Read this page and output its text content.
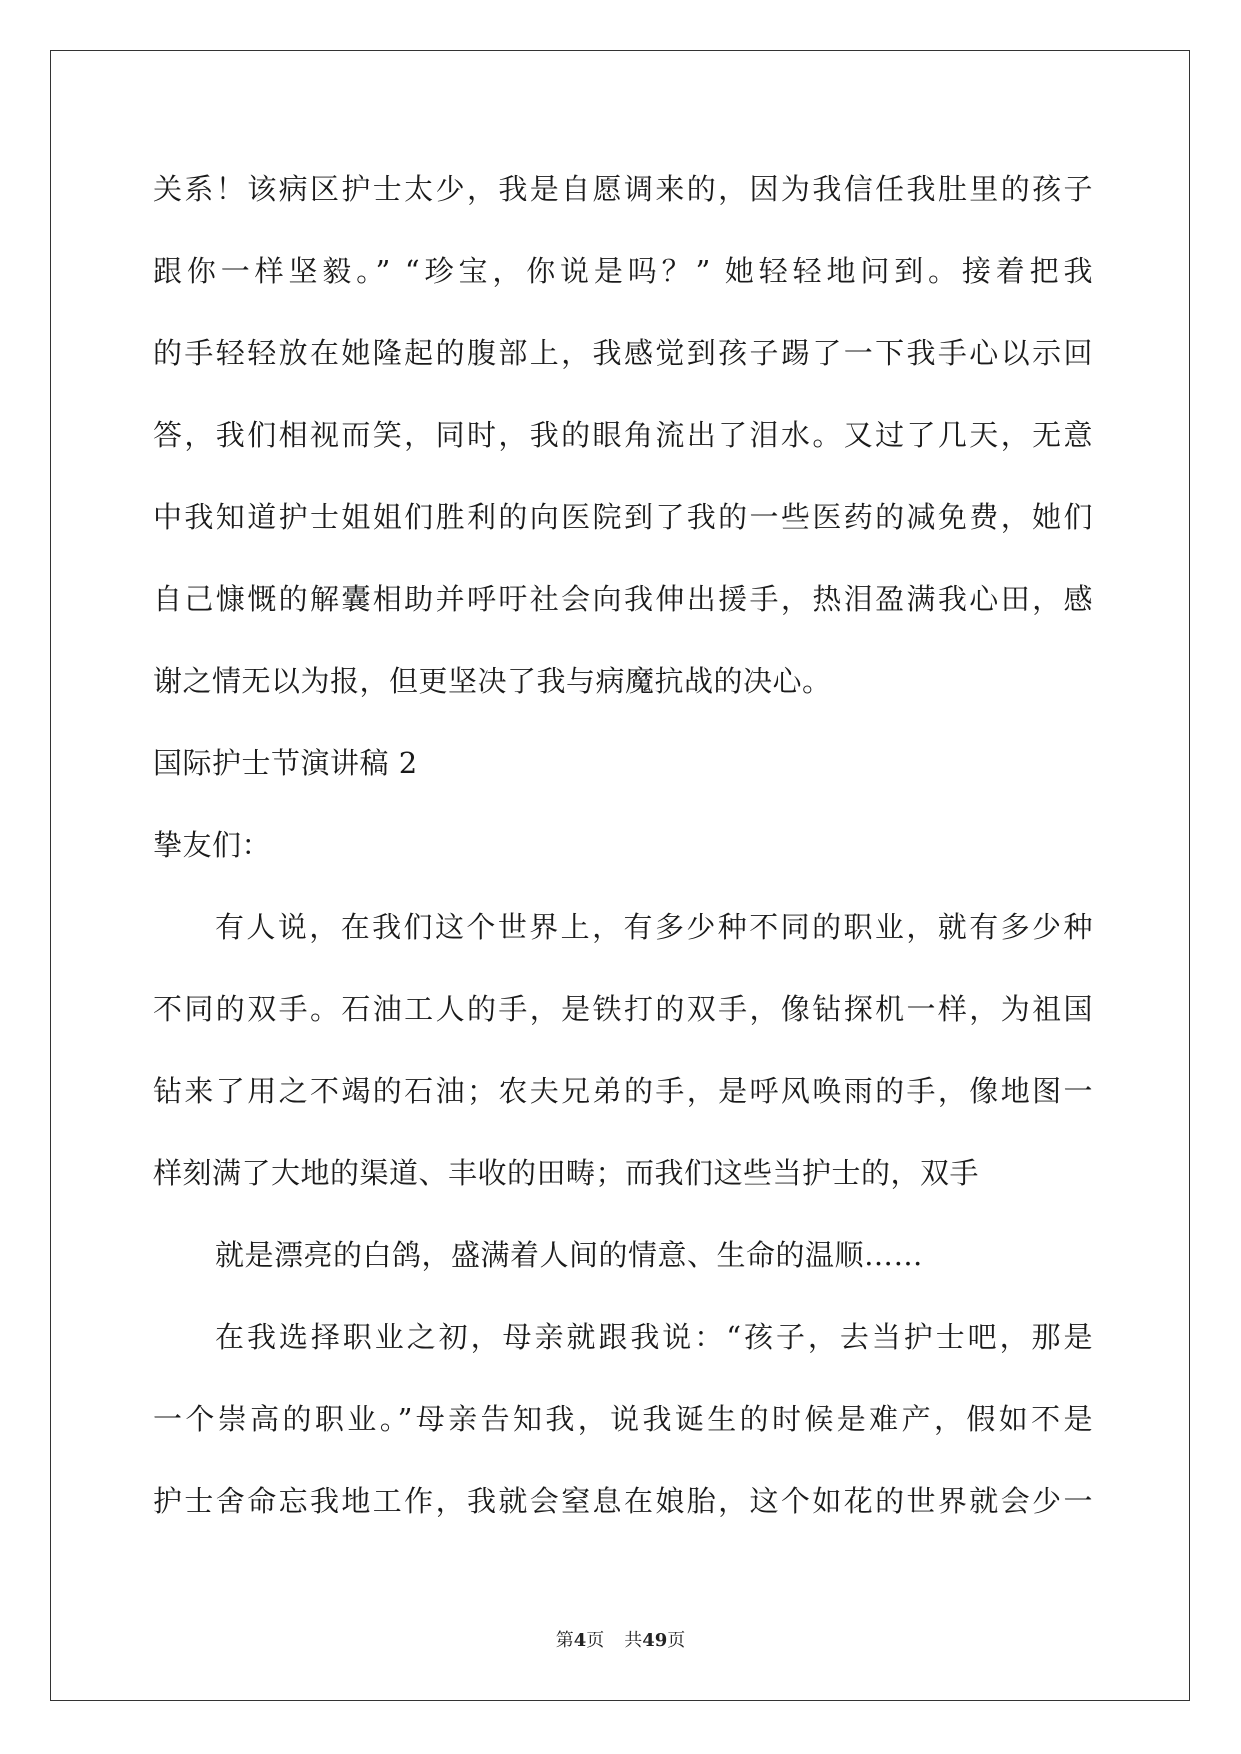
关系！该病区护士太少，我是自愿调来的，因为我信任我肚里的孩子
跟你一样坚毅。” “珍宝，你说是吗？” 她轻轻地问到。接着把我
的手轻轻放在她隆起的腹部上，我感觉到孩子踢了一下我手心以示回
答，我们相视而笑，同时，我的眼角流出了泪水。又过了几天，无意
中我知道护士姐姐们胜利的向医院到了我的一些医药的减免费，她们
自己慷慨的解囊相助并呼吁社会向我伸出援手，热泪盈满我心田，感
谢之情无以为报，但更坚决了我与病魔抗战的决心。
国际护士节演讲稿 2
挚友们：
有人说，在我们这个世界上，有多少种不同的职业，就有多少种
不同的双手。石油工人的手，是铁打的双手，像钻探机一样，为祖国
钻来了用之不竭的石油；农夫兄弟的手，是呼风唤雨的手，像地图一
样刻满了大地的渠道、丰收的田畴；而我们这些当护士的，双手
就是漂亮的白鸽，盛满着人间的情意、生命的温顺……
在我选择职业之初，母亲就跟我说：“孩子，去当护士吧，那是
一个崇高的职业。”母亲告知我，说我诞生的时候是难产，假如不是
护士舍命忘我地工作，我就会窒息在娘胎，这个如花的世界就会少一
第4页 共49页
